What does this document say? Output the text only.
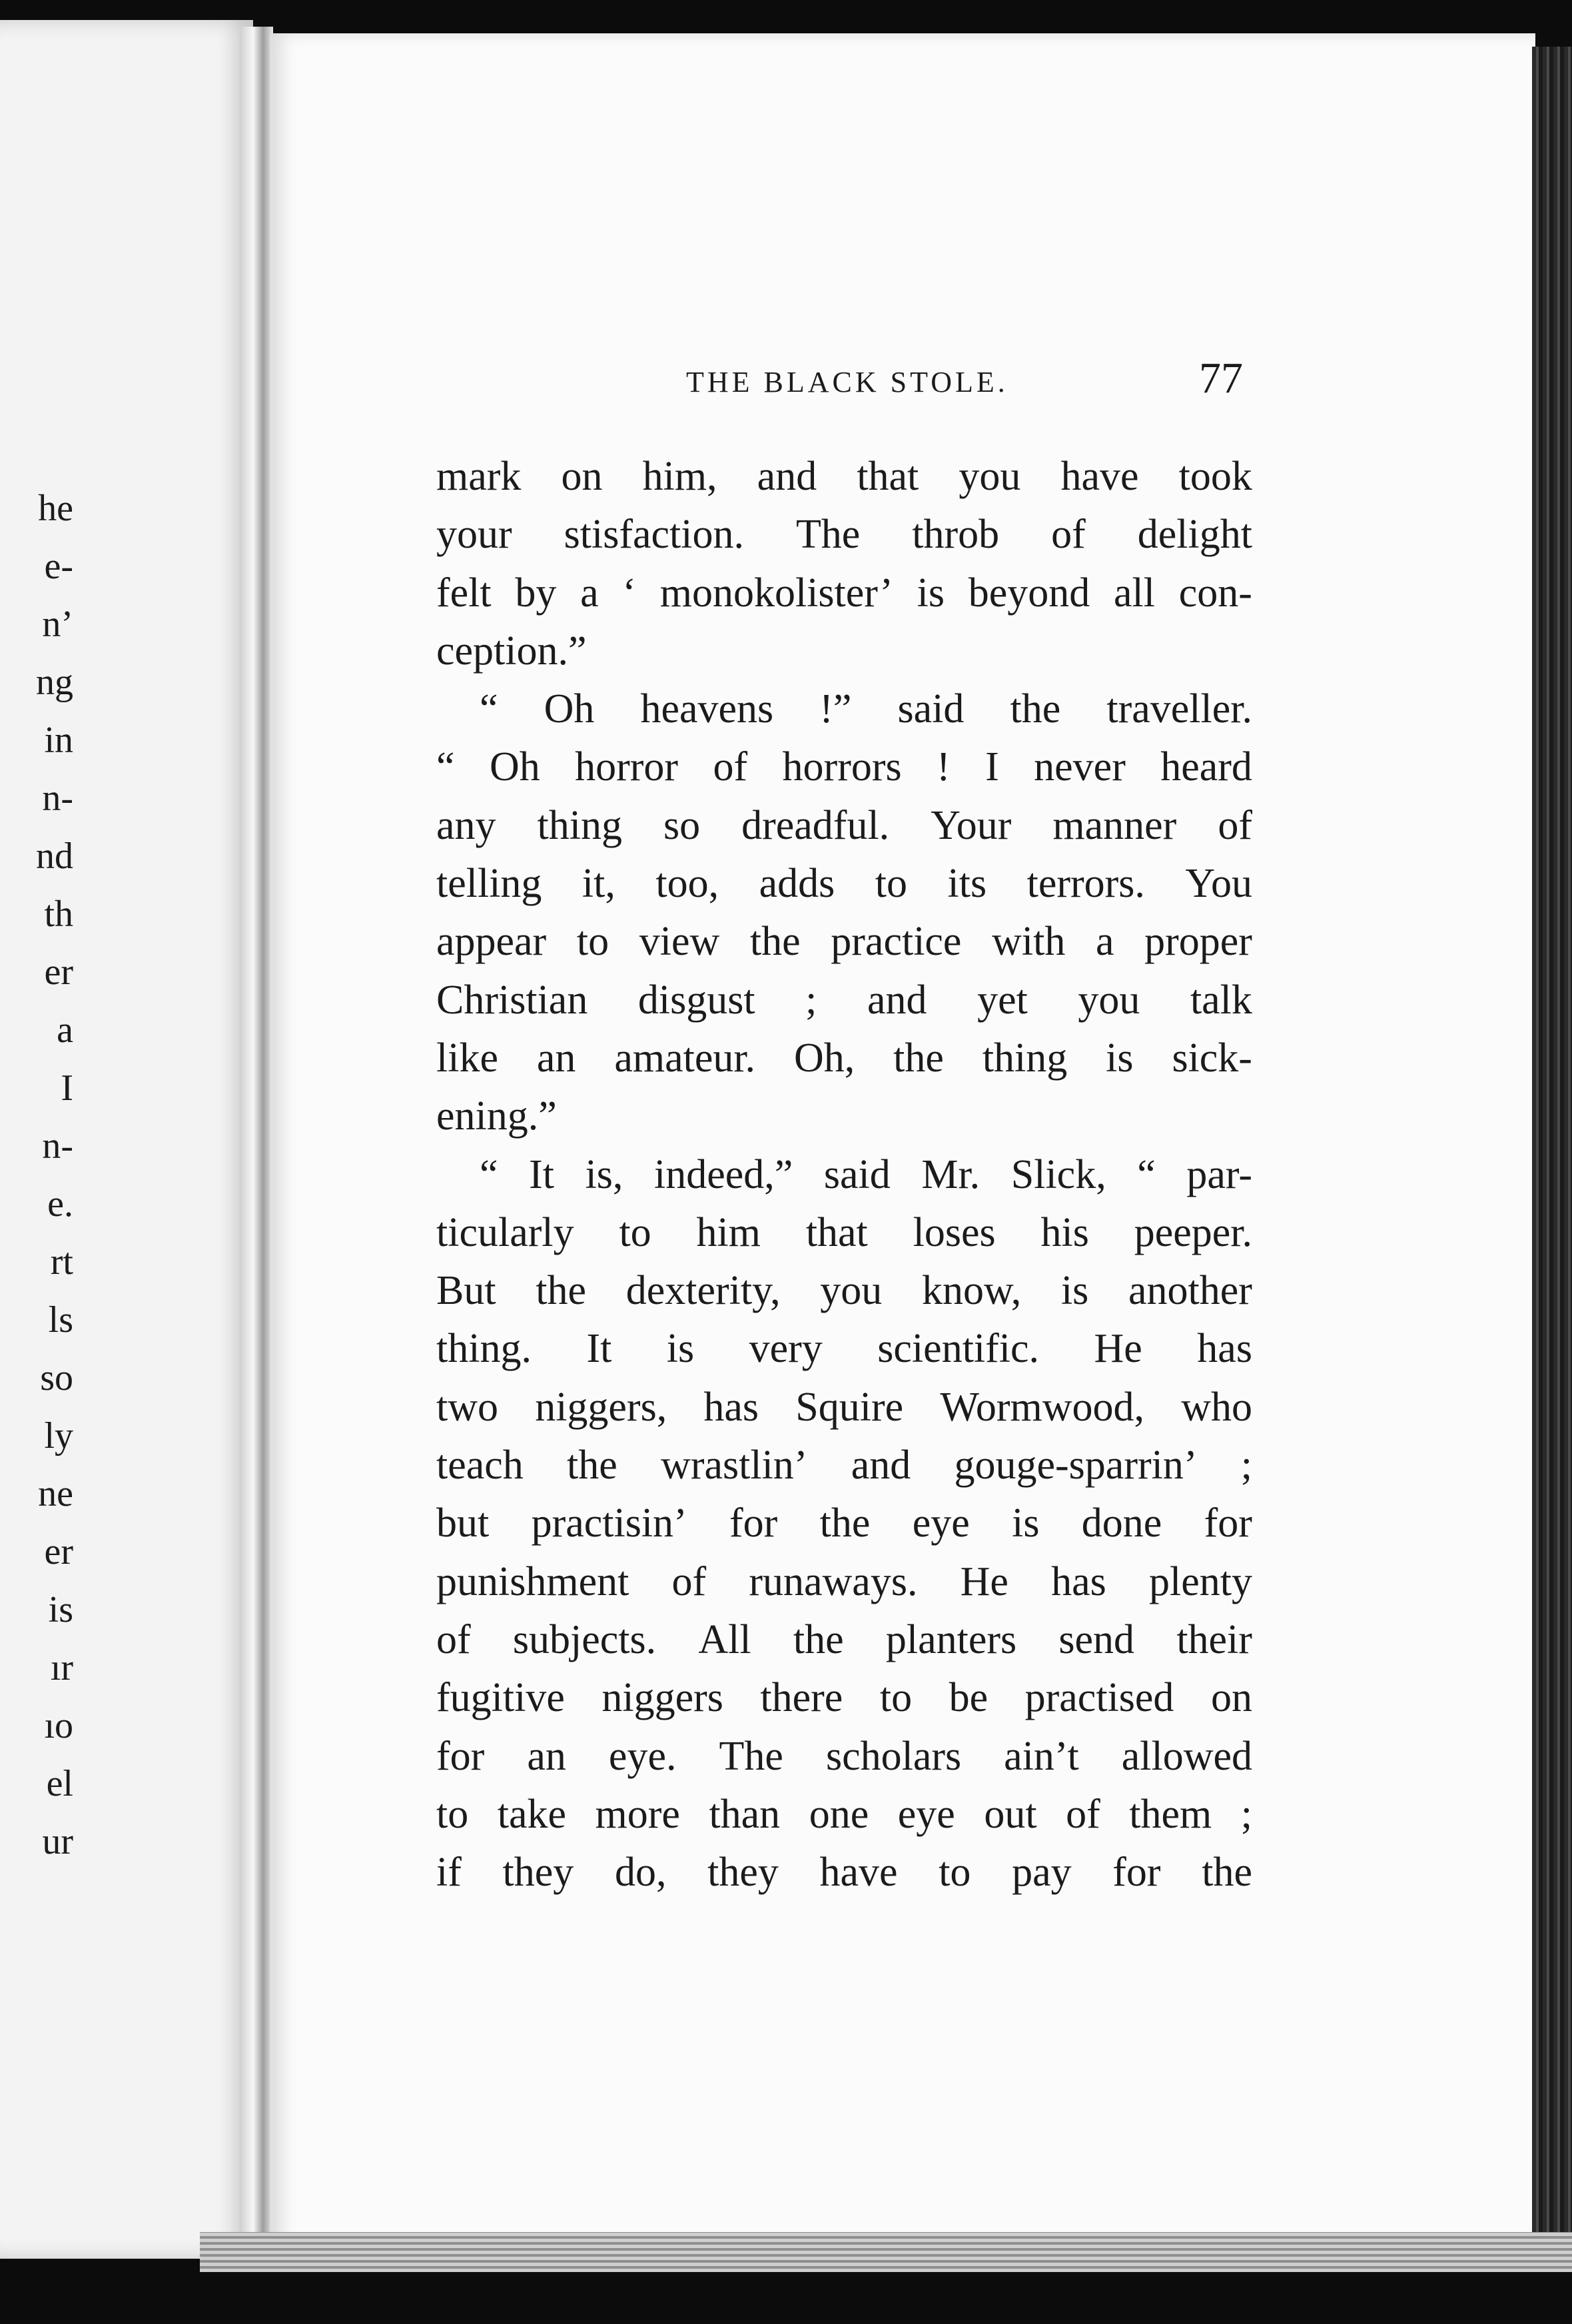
he
e-
n’
ng
in
n-
nd
th
er
a
I
n-
e.
rt
ls
so
ly
ne
er
is
ır
ıo
el
ur
THE BLACK STOLE.	77
mark on him, and that you have took
your stisfaction. The throb of delight
felt by a ‘ monokolister’ is beyond all con-
ception.”
“ Oh heavens !” said the traveller.
“ Oh horror of horrors ! I never heard
any thing so dreadful. Your manner of
telling it, too, adds to its terrors. You
appear to view the practice with a proper
Christian disgust ; and yet you talk
like an amateur. Oh, the thing is sick-
ening.”
“ It is, indeed,” said Mr. Slick, “ par-
ticularly to him that loses his peeper.
But the dexterity, you know, is another
thing. It is very scientific. He has
two niggers, has Squire Wormwood, who
teach the wrastlin’ and gouge-sparrin’ ;
but practisin’ for the eye is done for
punishment of runaways. He has plenty
of subjects. All the planters send their
fugitive niggers there to be practised on
for an eye. The scholars ain’t allowed
to take more than one eye out of them ;
if they do, they have to pay for the
